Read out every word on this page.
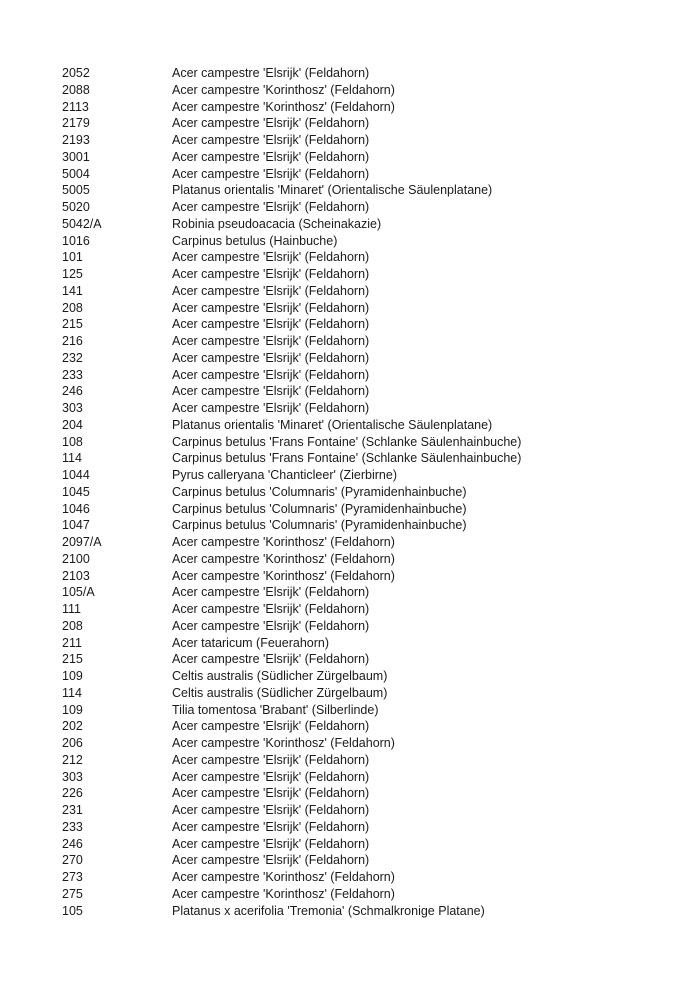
2052	Acer campestre 'Elsrijk' (Feldahorn)
2088	Acer campestre 'Korinthosz' (Feldahorn)
2113	Acer campestre 'Korinthosz' (Feldahorn)
2179	Acer campestre 'Elsrijk' (Feldahorn)
2193	Acer campestre 'Elsrijk' (Feldahorn)
3001	Acer campestre 'Elsrijk' (Feldahorn)
5004	Acer campestre 'Elsrijk' (Feldahorn)
5005	Platanus orientalis 'Minaret' (Orientalische Säulenplatane)
5020	Acer campestre 'Elsrijk' (Feldahorn)
5042/A	Robinia pseudoacacia (Scheinakazie)
1016	Carpinus betulus (Hainbuche)
101	Acer campestre 'Elsrijk' (Feldahorn)
125	Acer campestre 'Elsrijk' (Feldahorn)
141	Acer campestre 'Elsrijk' (Feldahorn)
208	Acer campestre 'Elsrijk' (Feldahorn)
215	Acer campestre 'Elsrijk' (Feldahorn)
216	Acer campestre 'Elsrijk' (Feldahorn)
232	Acer campestre 'Elsrijk' (Feldahorn)
233	Acer campestre 'Elsrijk' (Feldahorn)
246	Acer campestre 'Elsrijk' (Feldahorn)
303	Acer campestre 'Elsrijk' (Feldahorn)
204	Platanus orientalis 'Minaret' (Orientalische Säulenplatane)
108	Carpinus betulus 'Frans Fontaine' (Schlanke Säulenhainbuche)
114	Carpinus betulus 'Frans Fontaine' (Schlanke Säulenhainbuche)
1044	Pyrus calleryana 'Chanticleer' (Zierbirne)
1045	Carpinus betulus 'Columnaris' (Pyramidenhainbuche)
1046	Carpinus betulus 'Columnaris' (Pyramidenhainbuche)
1047	Carpinus betulus 'Columnaris' (Pyramidenhainbuche)
2097/A	Acer campestre 'Korinthosz' (Feldahorn)
2100	Acer campestre 'Korinthosz' (Feldahorn)
2103	Acer campestre 'Korinthosz' (Feldahorn)
105/A	Acer campestre 'Elsrijk' (Feldahorn)
111	Acer campestre 'Elsrijk' (Feldahorn)
208	Acer campestre 'Elsrijk' (Feldahorn)
211	Acer tataricum (Feuerahorn)
215	Acer campestre 'Elsrijk' (Feldahorn)
109	Celtis australis (Südlicher Zürgelbaum)
114	Celtis australis (Südlicher Zürgelbaum)
109	Tilia tomentosa 'Brabant' (Silberlinde)
202	Acer campestre 'Elsrijk' (Feldahorn)
206	Acer campestre 'Korinthosz' (Feldahorn)
212	Acer campestre 'Elsrijk' (Feldahorn)
303	Acer campestre 'Elsrijk' (Feldahorn)
226	Acer campestre 'Elsrijk' (Feldahorn)
231	Acer campestre 'Elsrijk' (Feldahorn)
233	Acer campestre 'Elsrijk' (Feldahorn)
246	Acer campestre 'Elsrijk' (Feldahorn)
270	Acer campestre 'Elsrijk' (Feldahorn)
273	Acer campestre 'Korinthosz' (Feldahorn)
275	Acer campestre 'Korinthosz' (Feldahorn)
105	Platanus x acerifolia 'Tremonia' (Schmalkronige Platane)
